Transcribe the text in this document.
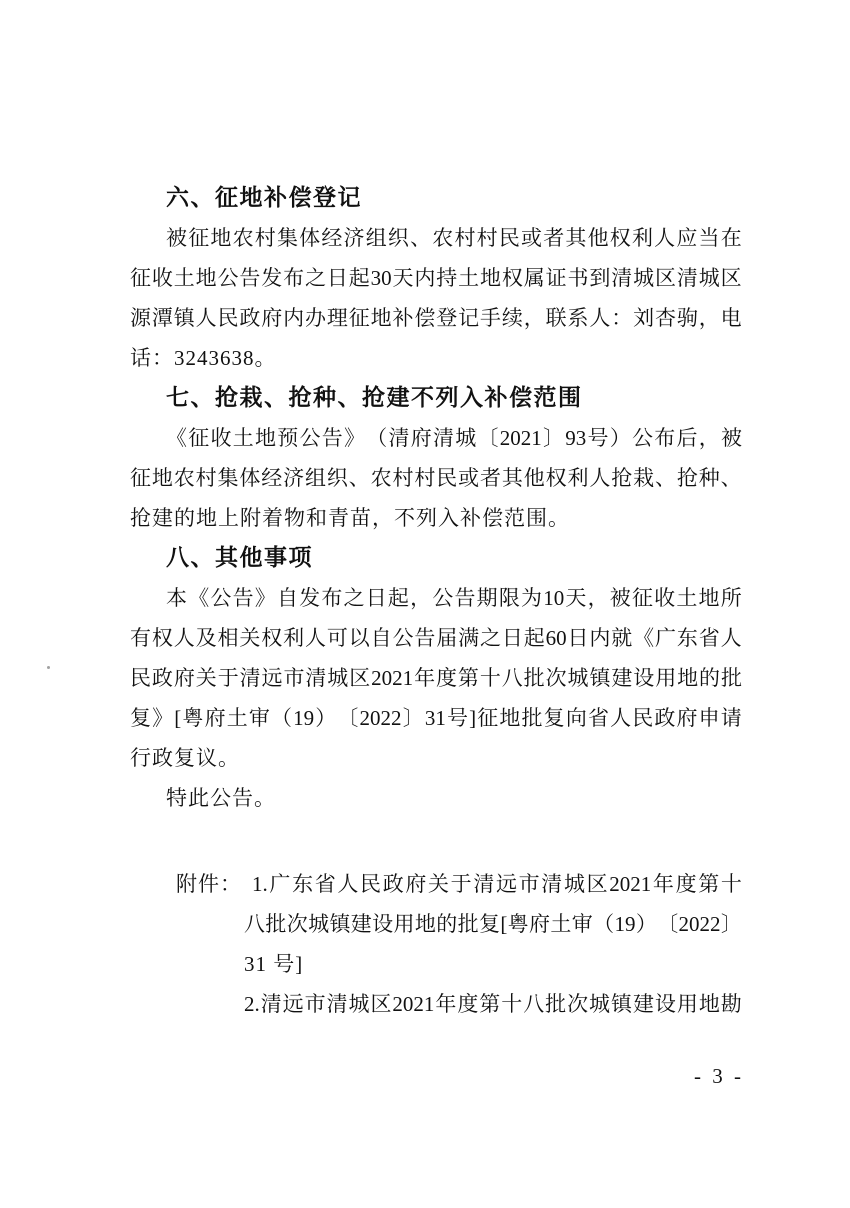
六、征地补偿登记
被 征 地 农 村 集 体 经 济 组 织 、 农 村 村 民 或 者 其 他 权 利 人 应 当 在
征 收 土 地 公 告 发 布 之 日 起 30 天 内 持 土 地 权 属 证 书 到 清 城 区 清 城 区
源 潭 镇 人 民 政 府 内 办 理 征 地 补 偿 登 记 手 续 ， 联 系 人 ： 刘 杏 驹 ， 电
话：3243638。
七、抢栽、抢种、抢建不列入补偿范围
《 征 收 土 地 预 公 告 》 （ 清 府 清 城 〔 2021 〕 93 号 ） 公 布 后 ， 被
征 地 农 村 集 体 经 济 组 织 、 农 村 村 民 或 者 其 他 权 利 人 抢 栽 、 抢 种 、
抢建的地上附着物和青苗，不列入补偿范围。
八、其他事项
本 《 公 告 》 自 发 布 之 日 起 ， 公 告 期 限 为 10 天 ， 被 征 收 土 地 所
有 权 人 及 相 关 权 利 人 可 以 自 公 告 届 满 之 日 起 60 日 内 就 《 广 东 省 人
民 政 府 关 于 清 远 市 清 城 区 2021 年 度 第 十 八 批 次 城 镇 建 设 用 地 的 批
复 》 [ 粤 府 土 审 （ 19 ） 〔 2022 〕 31 号 ] 征 地 批 复 向 省 人 民 政 府 申 请
行政复议。
特此公告。
附件： 1. 广 东 省 人 民 政 府 关 于 清 远 市 清 城 区 2021 年 度 第 十
八 批 次 城 镇 建 设 用 地 的 批 复 [ 粤 府 土 审 （ 19 ） 〔 2022 〕
31 号]
2. 清 远 市 清 城 区 2021 年 度 第 十 八 批 次 城 镇 建 设 用 地 勘
- 3 -
